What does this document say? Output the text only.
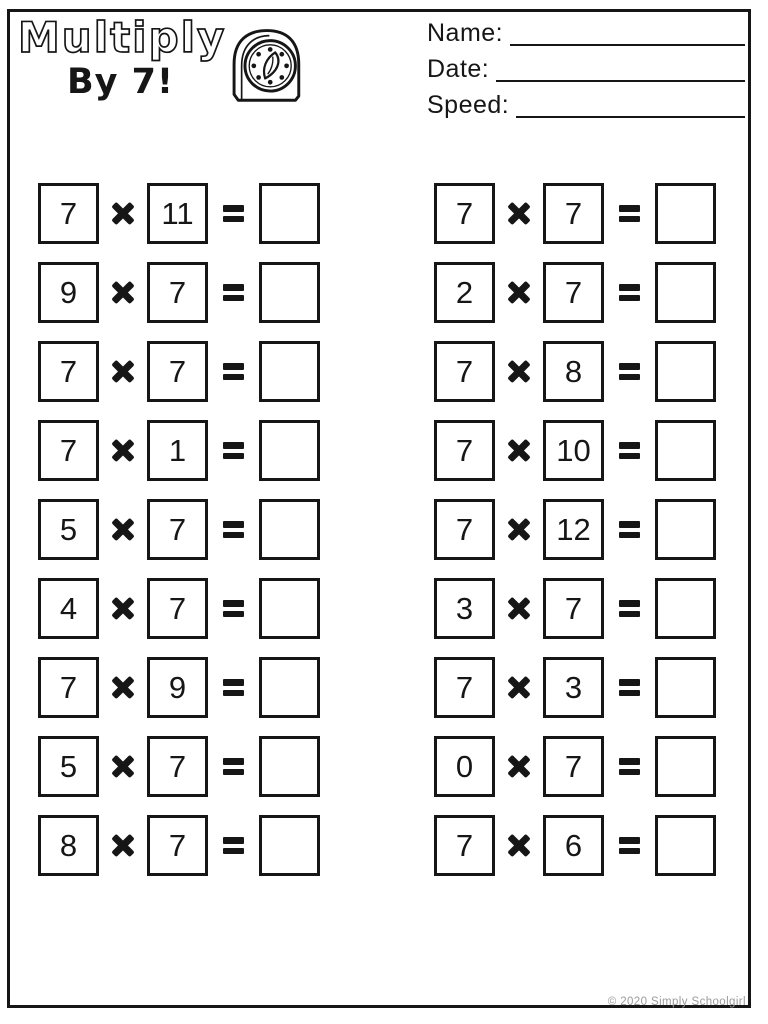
Multiply
By 7!
Name:
Date:
Speed:
7	11
9	7
7	7
7	1
5	7
4	7
7	9
5	7
8	7
7	7
2	7
7	8
7	10
7	12
3	7
7	3
0	7
7	6
© 2020 Simply Schoolgirl
